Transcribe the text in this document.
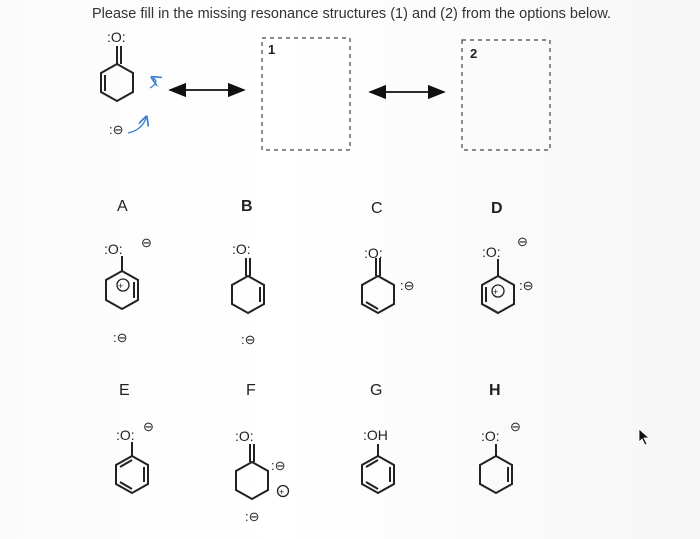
Please fill in the missing resonance structures (1) and (2) from the options below.
:O:
:⊖
1	2
A
:O: ⊖
+
:⊖
B
:O:
:⊖
C
:O:
:⊖
D
:O:
⊖
+ :⊖
E
:O:
⊖
F
:O:
:⊖
+
:⊖
G
:OH
H
:O:
⊖
